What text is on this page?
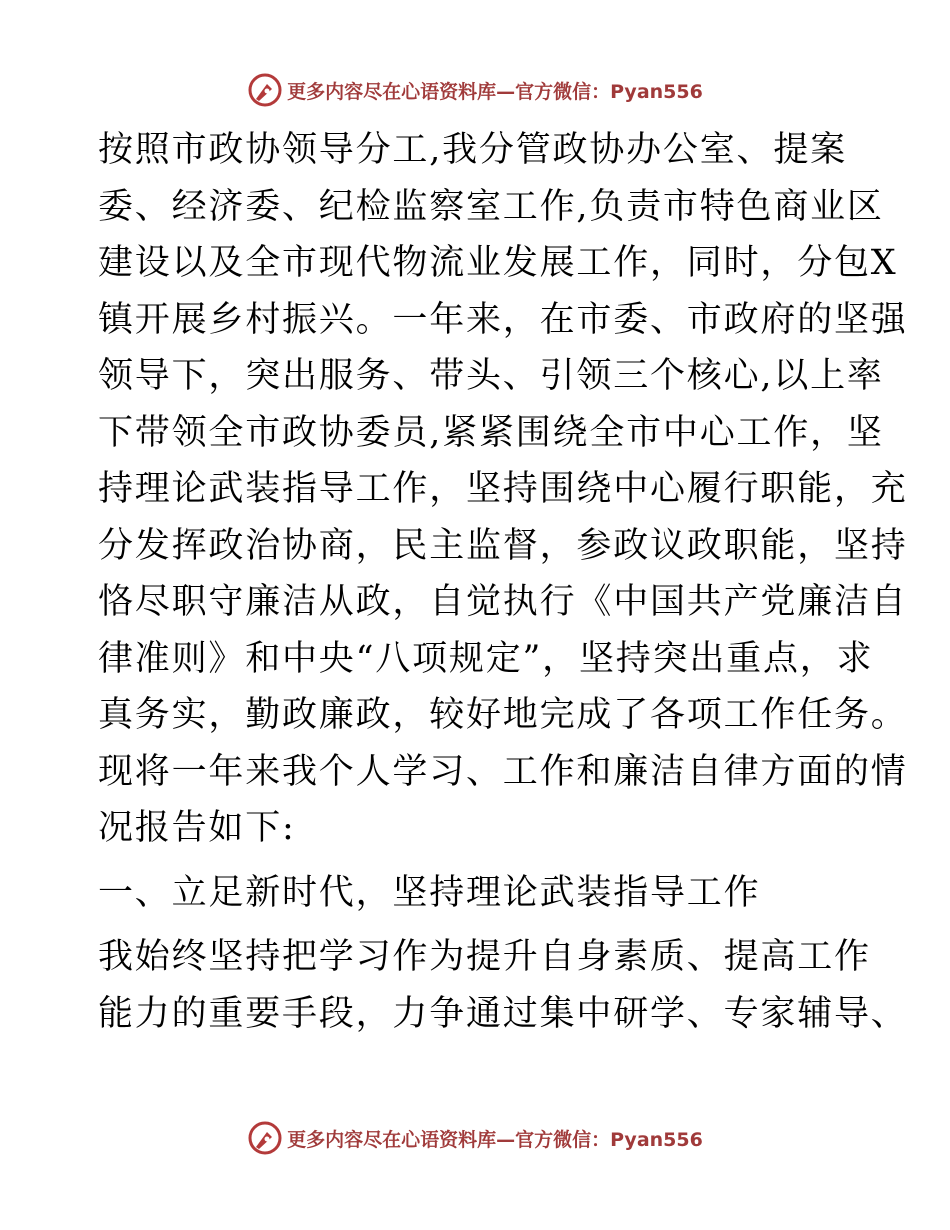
更多内容尽在心语资料库—官方微信：Pyan556
按照市政协领导分工,我分管政协办公室、提案
委、经济委、纪检监察室工作,负责市特色商业区
建设以及全市现代物流业发展工作，同时，分包X
镇开展乡村振兴。一年来，在市委、市政府的坚强
领导下，突出服务、带头、引领三个核心,以上率
下带领全市政协委员,紧紧围绕全市中心工作，坚
持理论武装指导工作，坚持围绕中心履行职能，充
分发挥政治协商，民主监督，参政议政职能，坚持
恪尽职守廉洁从政，自觉执行《中国共产党廉洁自
律准则》和中央“八项规定”，坚持突出重点，求
真务实，勤政廉政，较好地完成了各项工作任务。
现将一年来我个人学习、工作和廉洁自律方面的情
况报告如下:
一、立足新时代，坚持理论武装指导工作
我始终坚持把学习作为提升自身素质、提高工作
能力的重要手段，力争通过集中研学、专家辅导、
更多内容尽在心语资料库—官方微信：Pyan556
